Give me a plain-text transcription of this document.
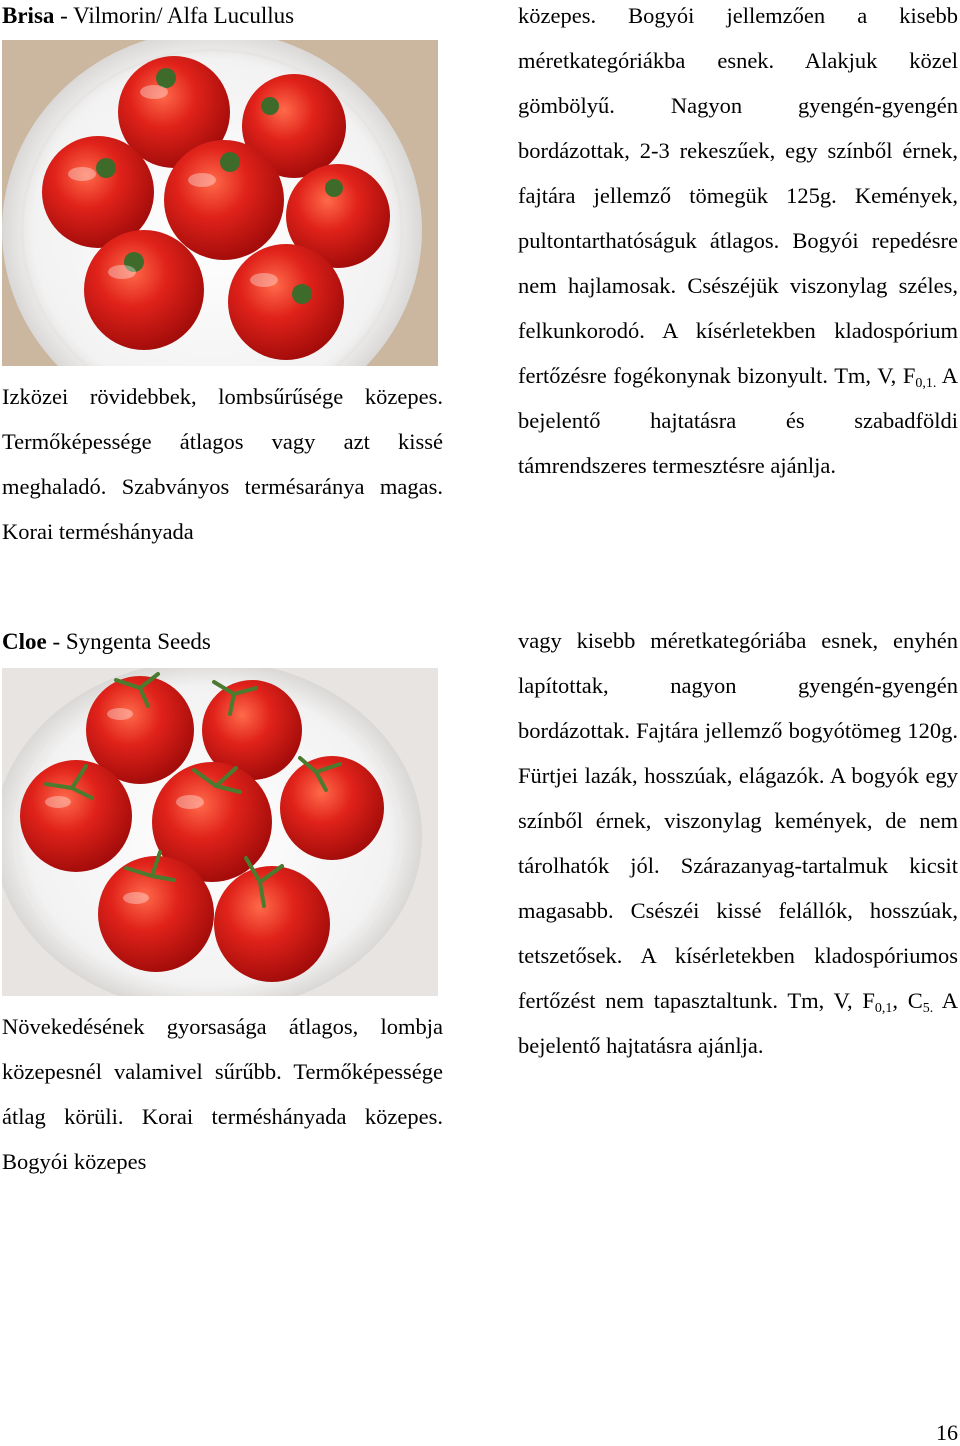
Brisa - Vilmorin/ Alfa Lucullus
Izközei rövidebbek, lombsűrűsége közepes. Termőképessége átlagos vagy azt kissé meghaladó. Szabványos termésaránya magas. Korai terméshányada
közepes. Bogyói jellemzően a kisebb méretkategóriákba esnek. Alakjuk közel gömbölyű. Nagyon gyengén-gyengén bordázottak, 2-3 rekeszűek, egy színből érnek, fajtára jellemző tömegük 125g. Kemények, pultontarthatóságuk átlagos. Bogyói repedésre nem hajlamosak. Csészéjük viszonylag széles, felkunkorodó. A kísérletekben kladospórium fertőzésre fogékonynak bizonyult. Tm, V, $F_{0,1.}$ A bejelentő hajtatásra és szabadföldi támrendszeres termesztésre ajánlja.
Cloe - Syngenta Seeds
Növekedésének gyorsasága átlagos, lombja közepesnél valamivel sűrűbb. Termőképessége átlag körüli. Korai terméshányada közepes. Bogyói közepes
vagy kisebb méretkategóriába esnek, enyhén lapítottak, nagyon gyengén-gyengén bordázottak. Fajtára jellemző bogyótömeg 120g. Fürtjei lazák, hosszúak, elágazók. A bogyók egy színből érnek, viszonylag kemények, de nem tárolhatók jól. Szárazanyag-tartalmuk kicsit magasabb. Csészéi kissé felállók, hosszúak, tetszetősek. A kísérletekben kladospóriumos fertőzést nem tapasztaltunk. Tm, V, $F_{0,1}$, $C_{5.}$ A bejelentő hajtatásra ajánlja.
16
